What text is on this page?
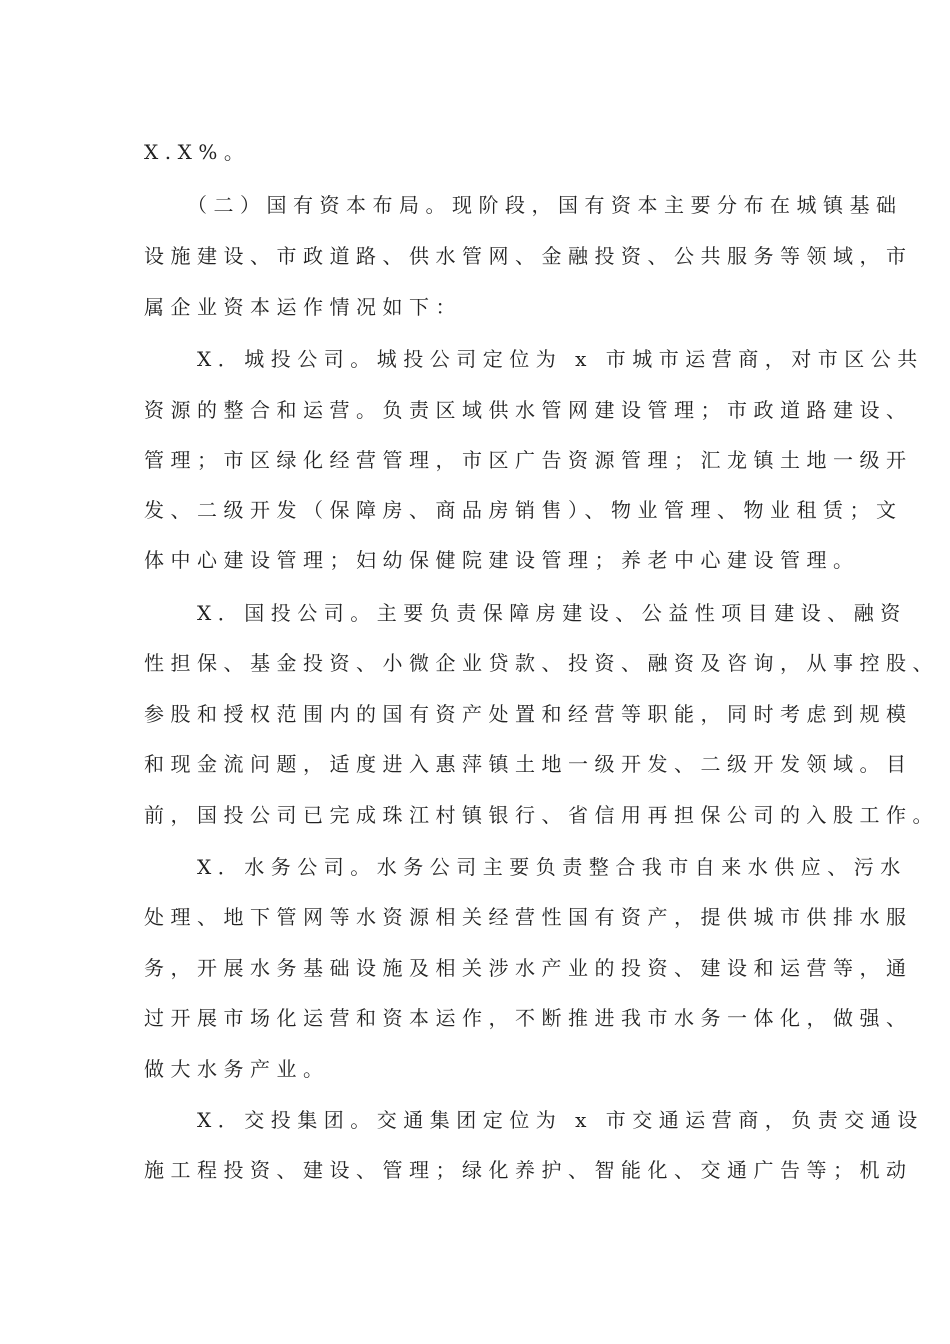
X.X%。
　　（二）国有资本布局。现阶段，国有资本主要分布在城镇基础
设施建设、市政道路、供水管网、金融投资、公共服务等领域，市
属企业资本运作情况如下：
　　X．城投公司。城投公司定位为 x 市城市运营商，对市区公共
资源的整合和运营。负责区域供水管网建设管理；市政道路建设、
管理；市区绿化经营管理，市区广告资源管理；汇龙镇土地一级开
发、二级开发（保障房、商品房销售）、物业管理、物业租赁；文
体中心建设管理；妇幼保健院建设管理；养老中心建设管理。
　　X．国投公司。主要负责保障房建设、公益性项目建设、融资
性担保、基金投资、小微企业贷款、投资、融资及咨询，从事控股、
参股和授权范围内的国有资产处置和经营等职能，同时考虑到规模
和现金流问题，适度进入惠萍镇土地一级开发、二级开发领域。目
前，国投公司已完成珠江村镇银行、省信用再担保公司的入股工作。
　　X．水务公司。水务公司主要负责整合我市自来水供应、污水
处理、地下管网等水资源相关经营性国有资产，提供城市供排水服
务，开展水务基础设施及相关涉水产业的投资、建设和运营等，通
过开展市场化运营和资本运作，不断推进我市水务一体化，做强、
做大水务产业。
　　X．交投集团。交通集团定位为 x 市交通运营商，负责交通设
施工程投资、建设、管理；绿化养护、智能化、交通广告等；机动
